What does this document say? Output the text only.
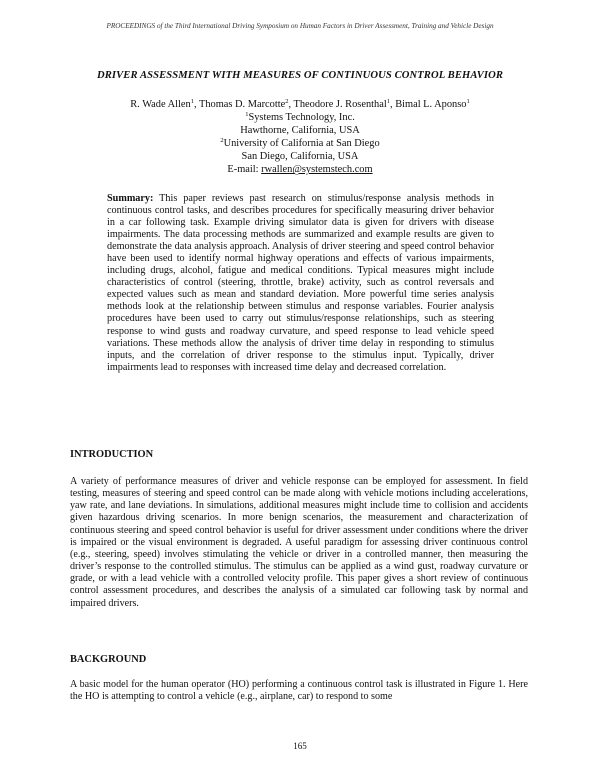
PROCEEDINGS of the Third International Driving Symposium on Human Factors in Driver Assessment, Training and Vehicle Design
DRIVER ASSESSMENT WITH MEASURES OF CONTINUOUS CONTROL BEHAVIOR
R. Wade Allen$^1$, Thomas D. Marcotte$^2$, Theodore J. Rosenthal$^1$, Bimal L. Aponso$^1$
$^1$Systems Technology, Inc.
Hawthorne, California, USA
$^2$University of California at San Diego
San Diego, California, USA
E-mail: rwallen@systemstech.com
Summary: This paper reviews past research on stimulus/response analysis methods in continuous control tasks, and describes procedures for specifically measuring driver behavior in a car following task. Example driving simulator data is given for drivers with disease impairments. The data processing methods are summarized and example results are given to demonstrate the data analysis approach. Analysis of driver steering and speed control behavior have been used to identify normal highway operations and effects of various impairments, including drugs, alcohol, fatigue and medical conditions. Typical measures might include characteristics of control (steering, throttle, brake) activity, such as control reversals and expected values such as mean and standard deviation. More powerful time series analysis methods look at the relationship between stimulus and response variables. Fourier analysis procedures have been used to carry out stimulus/response relationships, such as steering response to wind gusts and roadway curvature, and speed response to lead vehicle speed variations. These methods allow the analysis of driver time delay in responding to stimulus inputs, and the correlation of driver response to the stimulus input. Typically, driver impairments lead to responses with increased time delay and decreased correlation.
INTRODUCTION
A variety of performance measures of driver and vehicle response can be employed for assessment. In field testing, measures of steering and speed control can be made along with vehicle motions including accelerations, yaw rate, and lane deviations. In simulations, additional measures might include time to collision and accidents given hazardous driving scenarios. In more benign scenarios, the measurement and characterization of continuous steering and speed control behavior is useful for driver assessment under conditions where the driver is impaired or the visual environment is degraded. A useful paradigm for assessing driver continuous control (e.g., steering, speed) involves stimulating the vehicle or driver in a controlled manner, then measuring the driver’s response to the controlled stimulus. The stimulus can be applied as a wind gust, roadway curvature or grade, or with a lead vehicle with a controlled velocity profile. This paper gives a short review of continuous control assessment procedures, and describes the analysis of a simulated car following task by normal and impaired drivers.
BACKGROUND
A basic model for the human operator (HO) performing a continuous control task is illustrated in Figure 1. Here the HO is attempting to control a vehicle (e.g., airplane, car) to respond to some
165
